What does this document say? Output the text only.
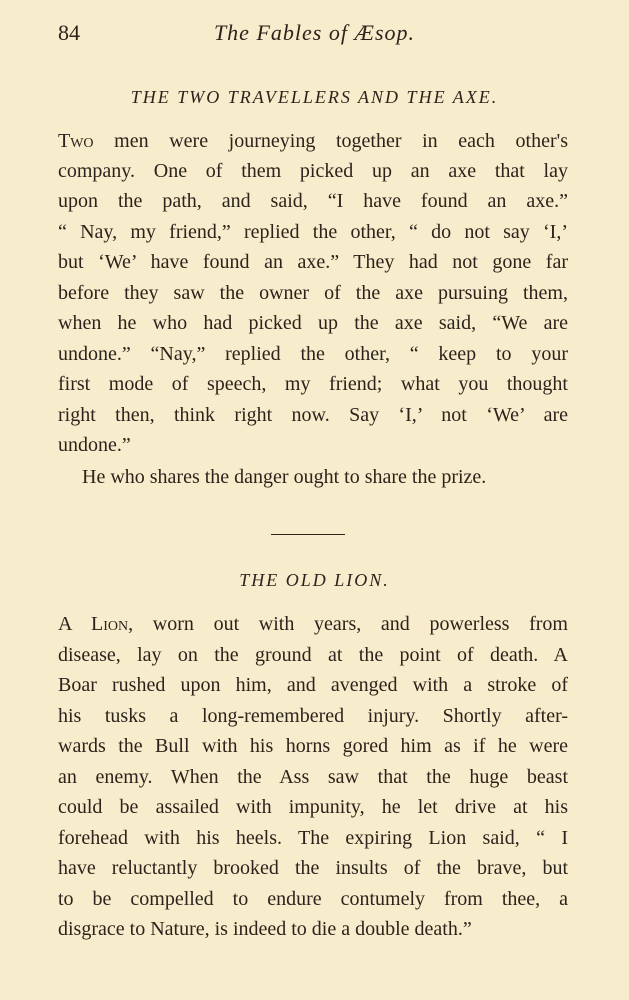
84	The Fables of Æsop.
THE TWO TRAVELLERS AND THE AXE.
Two men were journeying together in each other's
company. One of them picked up an axe that lay
upon the path, and said, “I have found an axe.”
“ Nay, my friend,” replied the other, “ do not say ‘I,’
but ‘We’ have found an axe.” They had not gone far
before they saw the owner of the axe pursuing them,
when he who had picked up the axe said, “We are
undone.” “Nay,” replied the other, “ keep to your
first mode of speech, my friend; what you thought
right then, think right now. Say ‘I,’ not ‘We’ are
undone.”
He who shares the danger ought to share the prize.
THE OLD LION.
A Lion, worn out with years, and powerless from
disease, lay on the ground at the point of death. A
Boar rushed upon him, and avenged with a stroke of
his tusks a long-remembered injury. Shortly after-
wards the Bull with his horns gored him as if he were
an enemy. When the Ass saw that the huge beast
could be assailed with impunity, he let drive at his
forehead with his heels. The expiring Lion said, “ I
have reluctantly brooked the insults of the brave, but
to be compelled to endure contumely from thee, a
disgrace to Nature, is indeed to die a double death.”
